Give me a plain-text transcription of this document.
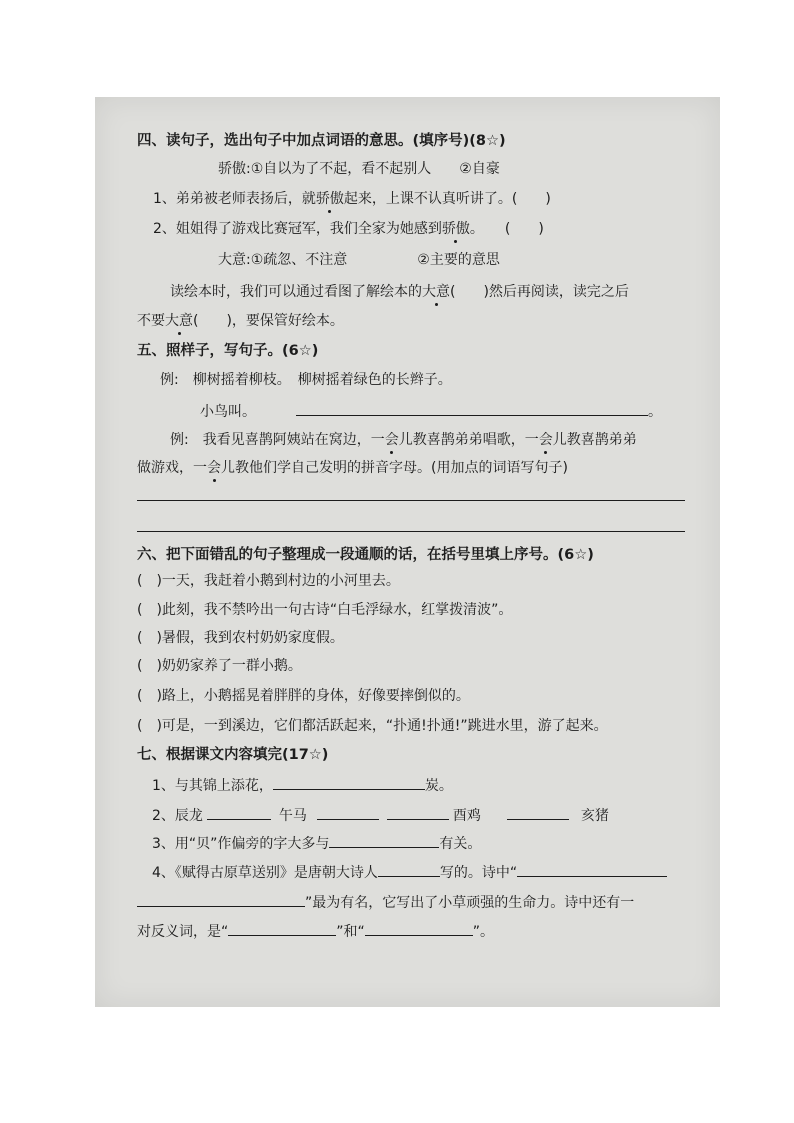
四、读句子，选出句子中加点词语的意思。(填序号)(8☆)
骄傲:①自以为了不起，看不起别人　　②自豪
1、弟弟被老师表扬后，就骄傲起来，上课不认真听讲了。(　　)
2、姐姐得了游戏比赛冠军，我们全家为她感到骄傲。　　(　　)
大意:①疏忽、不注意　　　　　②主要的意思
读绘本时，我们可以通过看图了解绘本的大意(　　)然后再阅读，读完之后
不要大意(　　)，要保管好绘本。
五、照样子，写句子。(6☆)
例:　柳树摇着柳枝。　柳树摇着绿色的长辫子。
小鸟叫。	。
例:　我看见喜鹊阿姨站在窝边，一会儿教喜鹊弟弟唱歌，一会儿教喜鹊弟弟
做游戏，一会儿教他们学自己发明的拼音字母。(用加点的词语写句子)
六、把下面错乱的句子整理成一段通顺的话，在括号里填上序号。(6☆)
(　)一天，我赶着小鹅到村边的小河里去。
(　)此刻，我不禁吟出一句古诗“白毛浮绿水，红掌拨清波”。
(　)暑假，我到农村奶奶家度假。
(　)奶奶家养了一群小鹅。
(　)路上，小鹅摇晃着胖胖的身体，好像要摔倒似的。
(　)可是，一到溪边，它们都活跃起来，“扑通!扑通!”跳进水里，游了起来。
七、根据课文内容填完(17☆)
1、与其锦上添花，	炭。
2、辰龙	午马	酉鸡	亥猪
3、用“贝”作偏旁的字大多与	有关。
4、《赋得古原草送别》是唐朝大诗人	写的。诗中“
”最为有名，它写出了小草顽强的生命力。诗中还有一
对反义词，是“	”和“	”。
